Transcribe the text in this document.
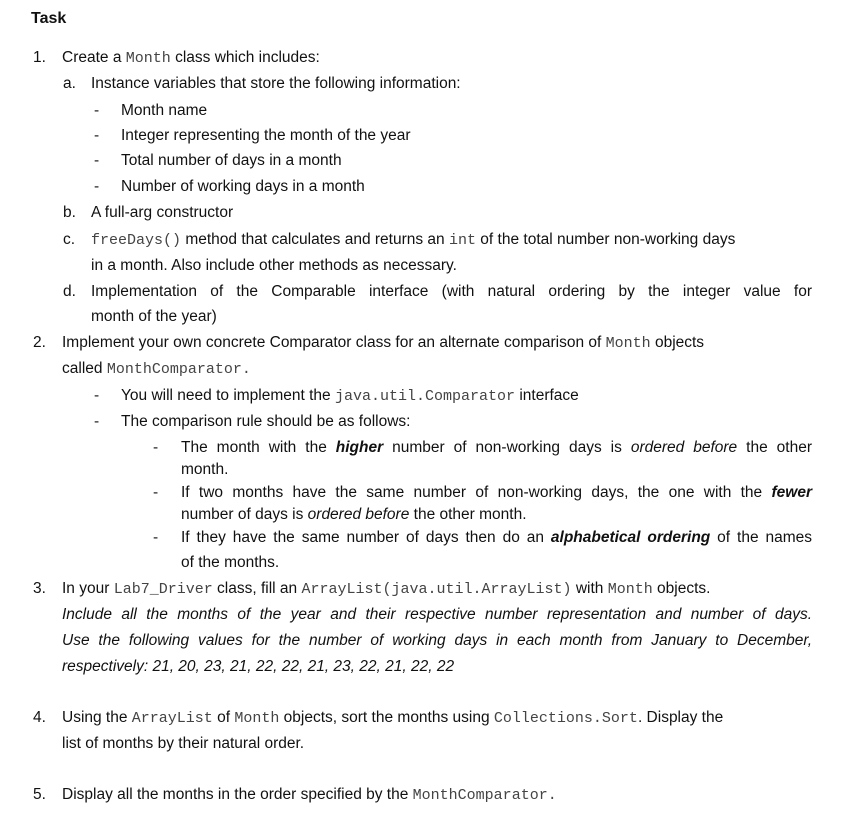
Task
1. Create a Month class which includes:
a. Instance variables that store the following information:
- Month name
- Integer representing the month of the year
- Total number of days in a month
- Number of working days in a month
b. A full-arg constructor
c. freeDays() method that calculates and returns an int of the total number non-working days
in a month. Also include other methods as necessary.
d. Implementation of the Comparable interface (with natural ordering by the integer value for
month of the year)
2. Implement your own concrete Comparator class for an alternate comparison of Month objects
called MonthComparator.
- You will need to implement the java.util.Comparator interface
- The comparison rule should be as follows:
- The month with the higher number of non-working days is ordered before the other
month.
- If two months have the same number of non-working days, the one with the fewer
number of days is ordered before the other month.
- If they have the same number of days then do an alphabetical ordering of the names
of the months.
3. In your Lab7_Driver class, fill an ArrayList(java.util.ArrayList) with Month objects.
Include all the months of the year and their respective number representation and number of days.
Use the following values for the number of working days in each month from January to December,
respectively: 21, 20, 23, 21, 22, 22, 21, 23, 22, 21, 22, 22
4. Using the ArrayList of Month objects, sort the months using Collections.Sort. Display the
list of months by their natural order.
5. Display all the months in the order specified by the MonthComparator.
